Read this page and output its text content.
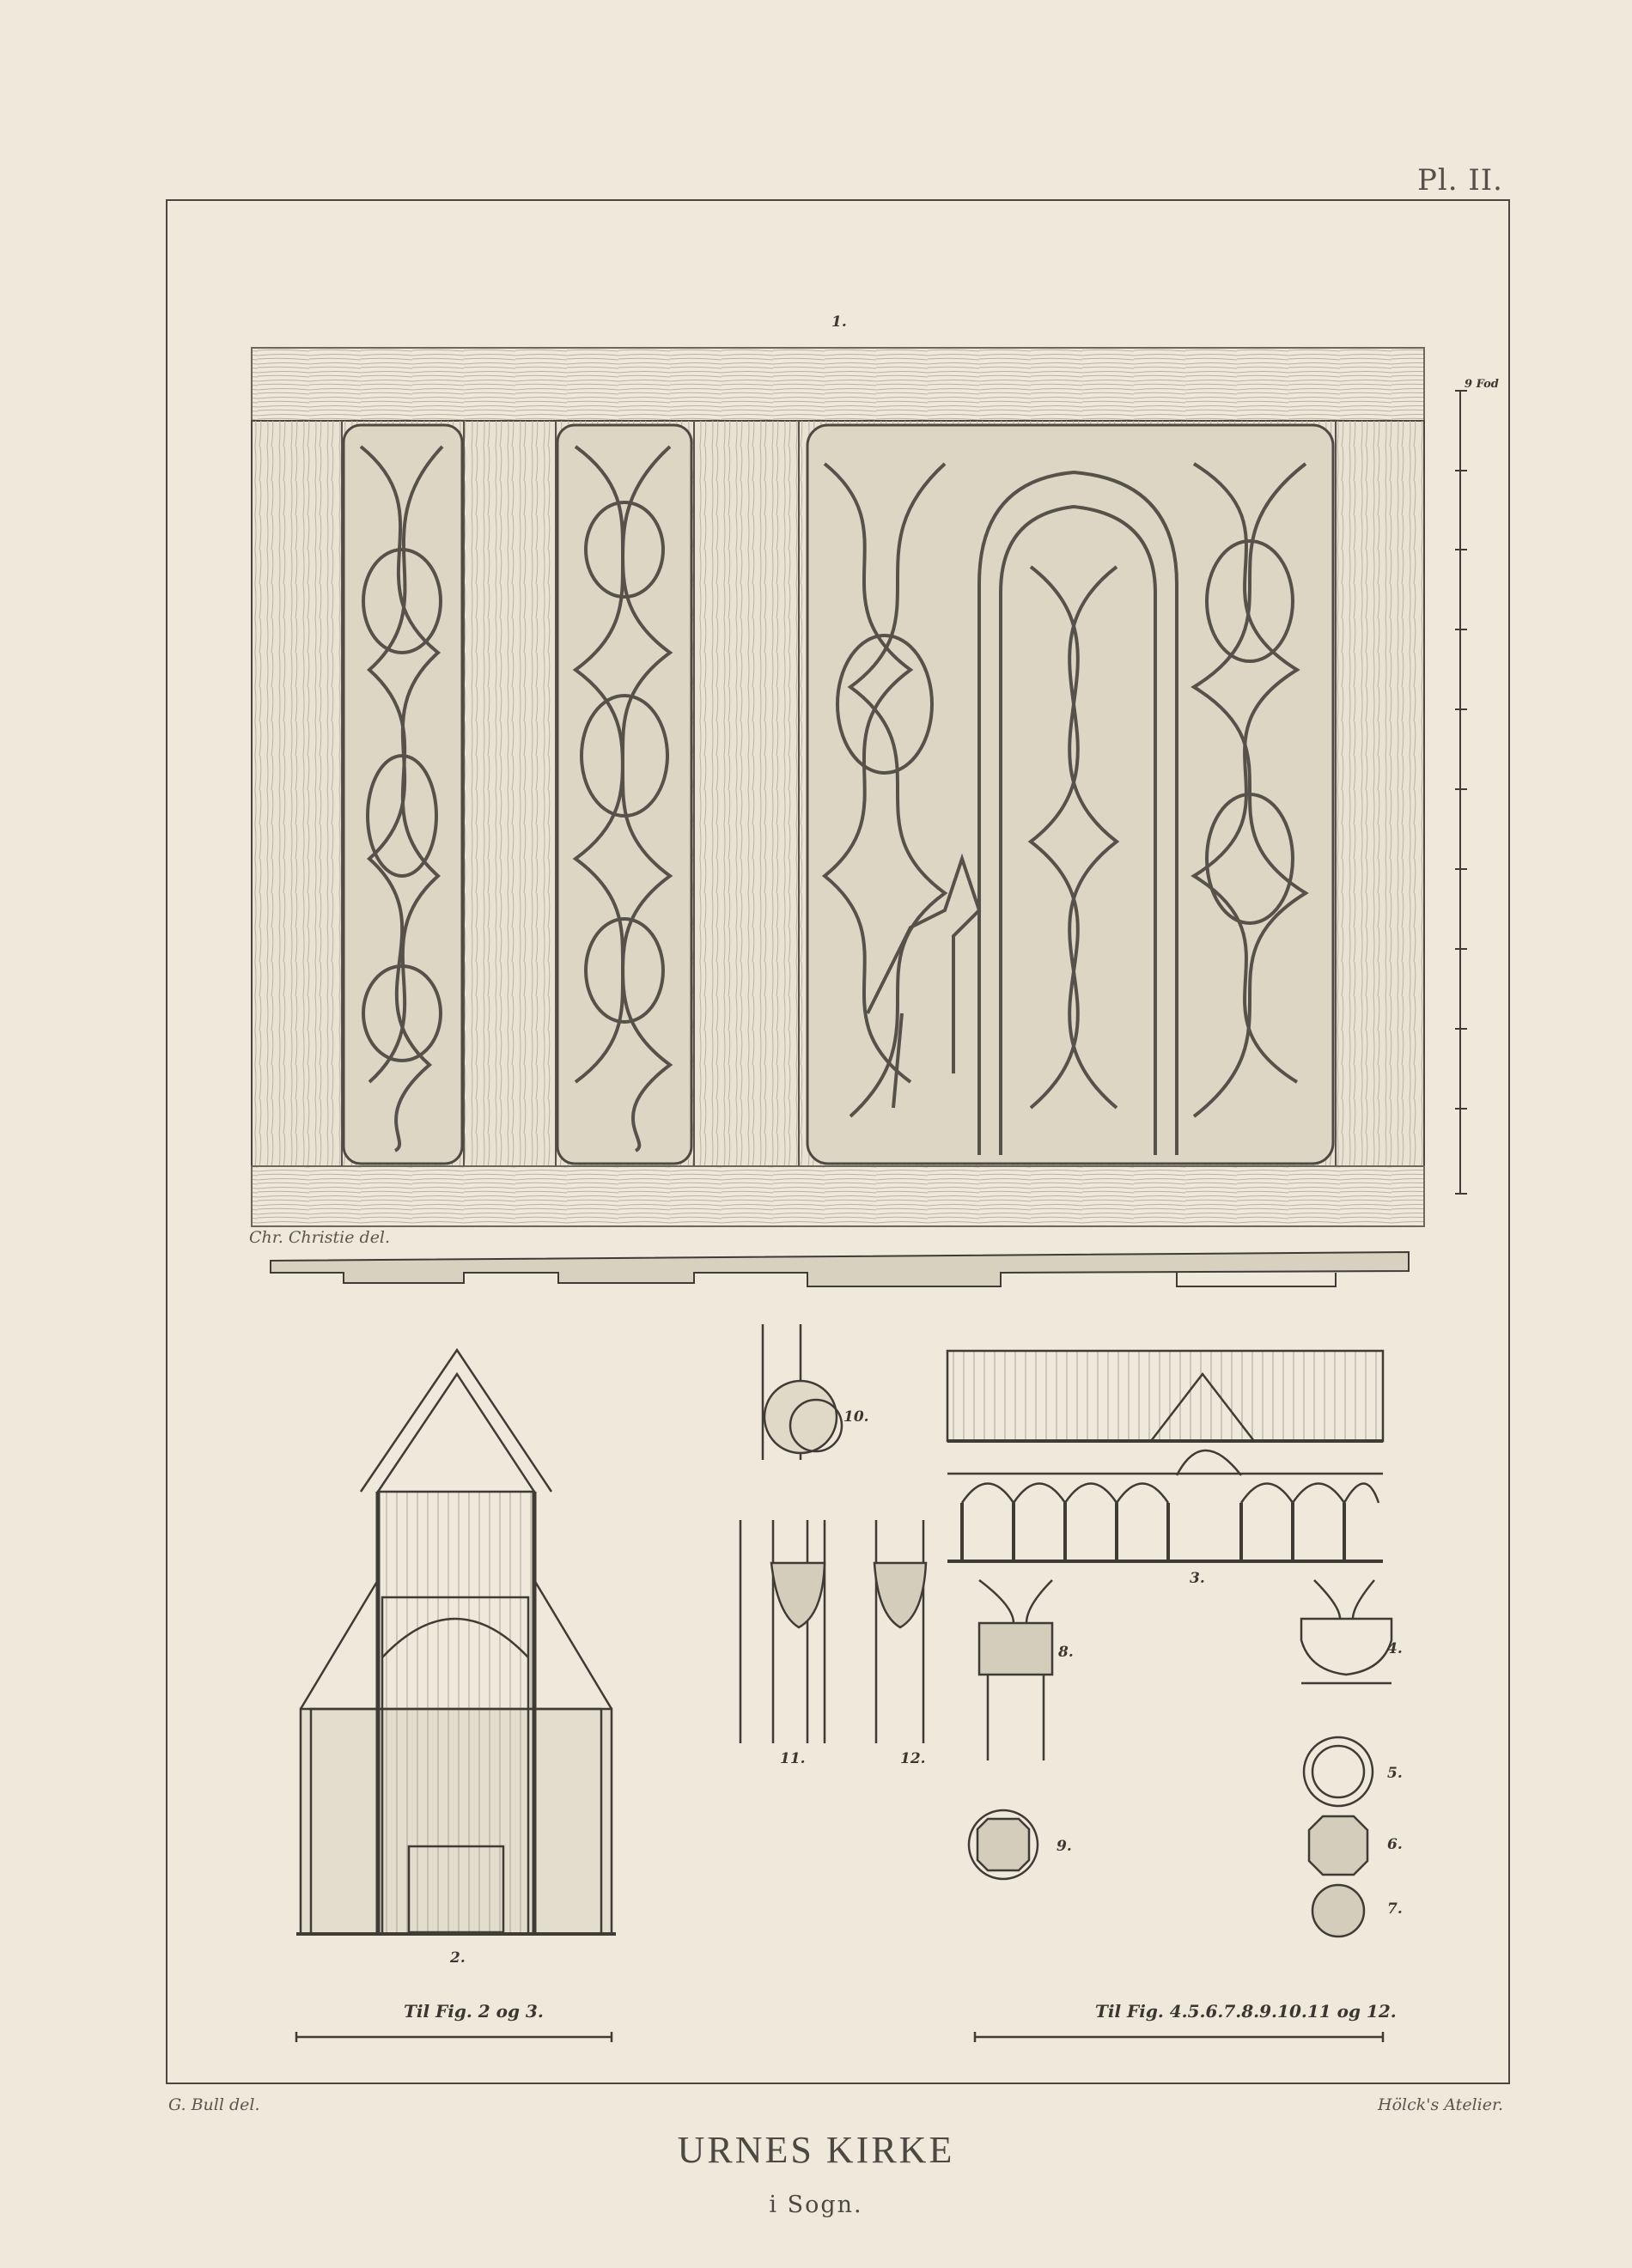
Pl. II.
Chr. Christie del.
1.
2.
3.
4.
5.
6.
7.
8.
9.
10.
11.	12.
Til Fig. 2 og 3.	Til Fig. 4.5.6.7.8.9.10.11 og 12.
9 Fod
G. Bull del.	Hölck's Atelier.
URNES KIRKE
i Sogn.
